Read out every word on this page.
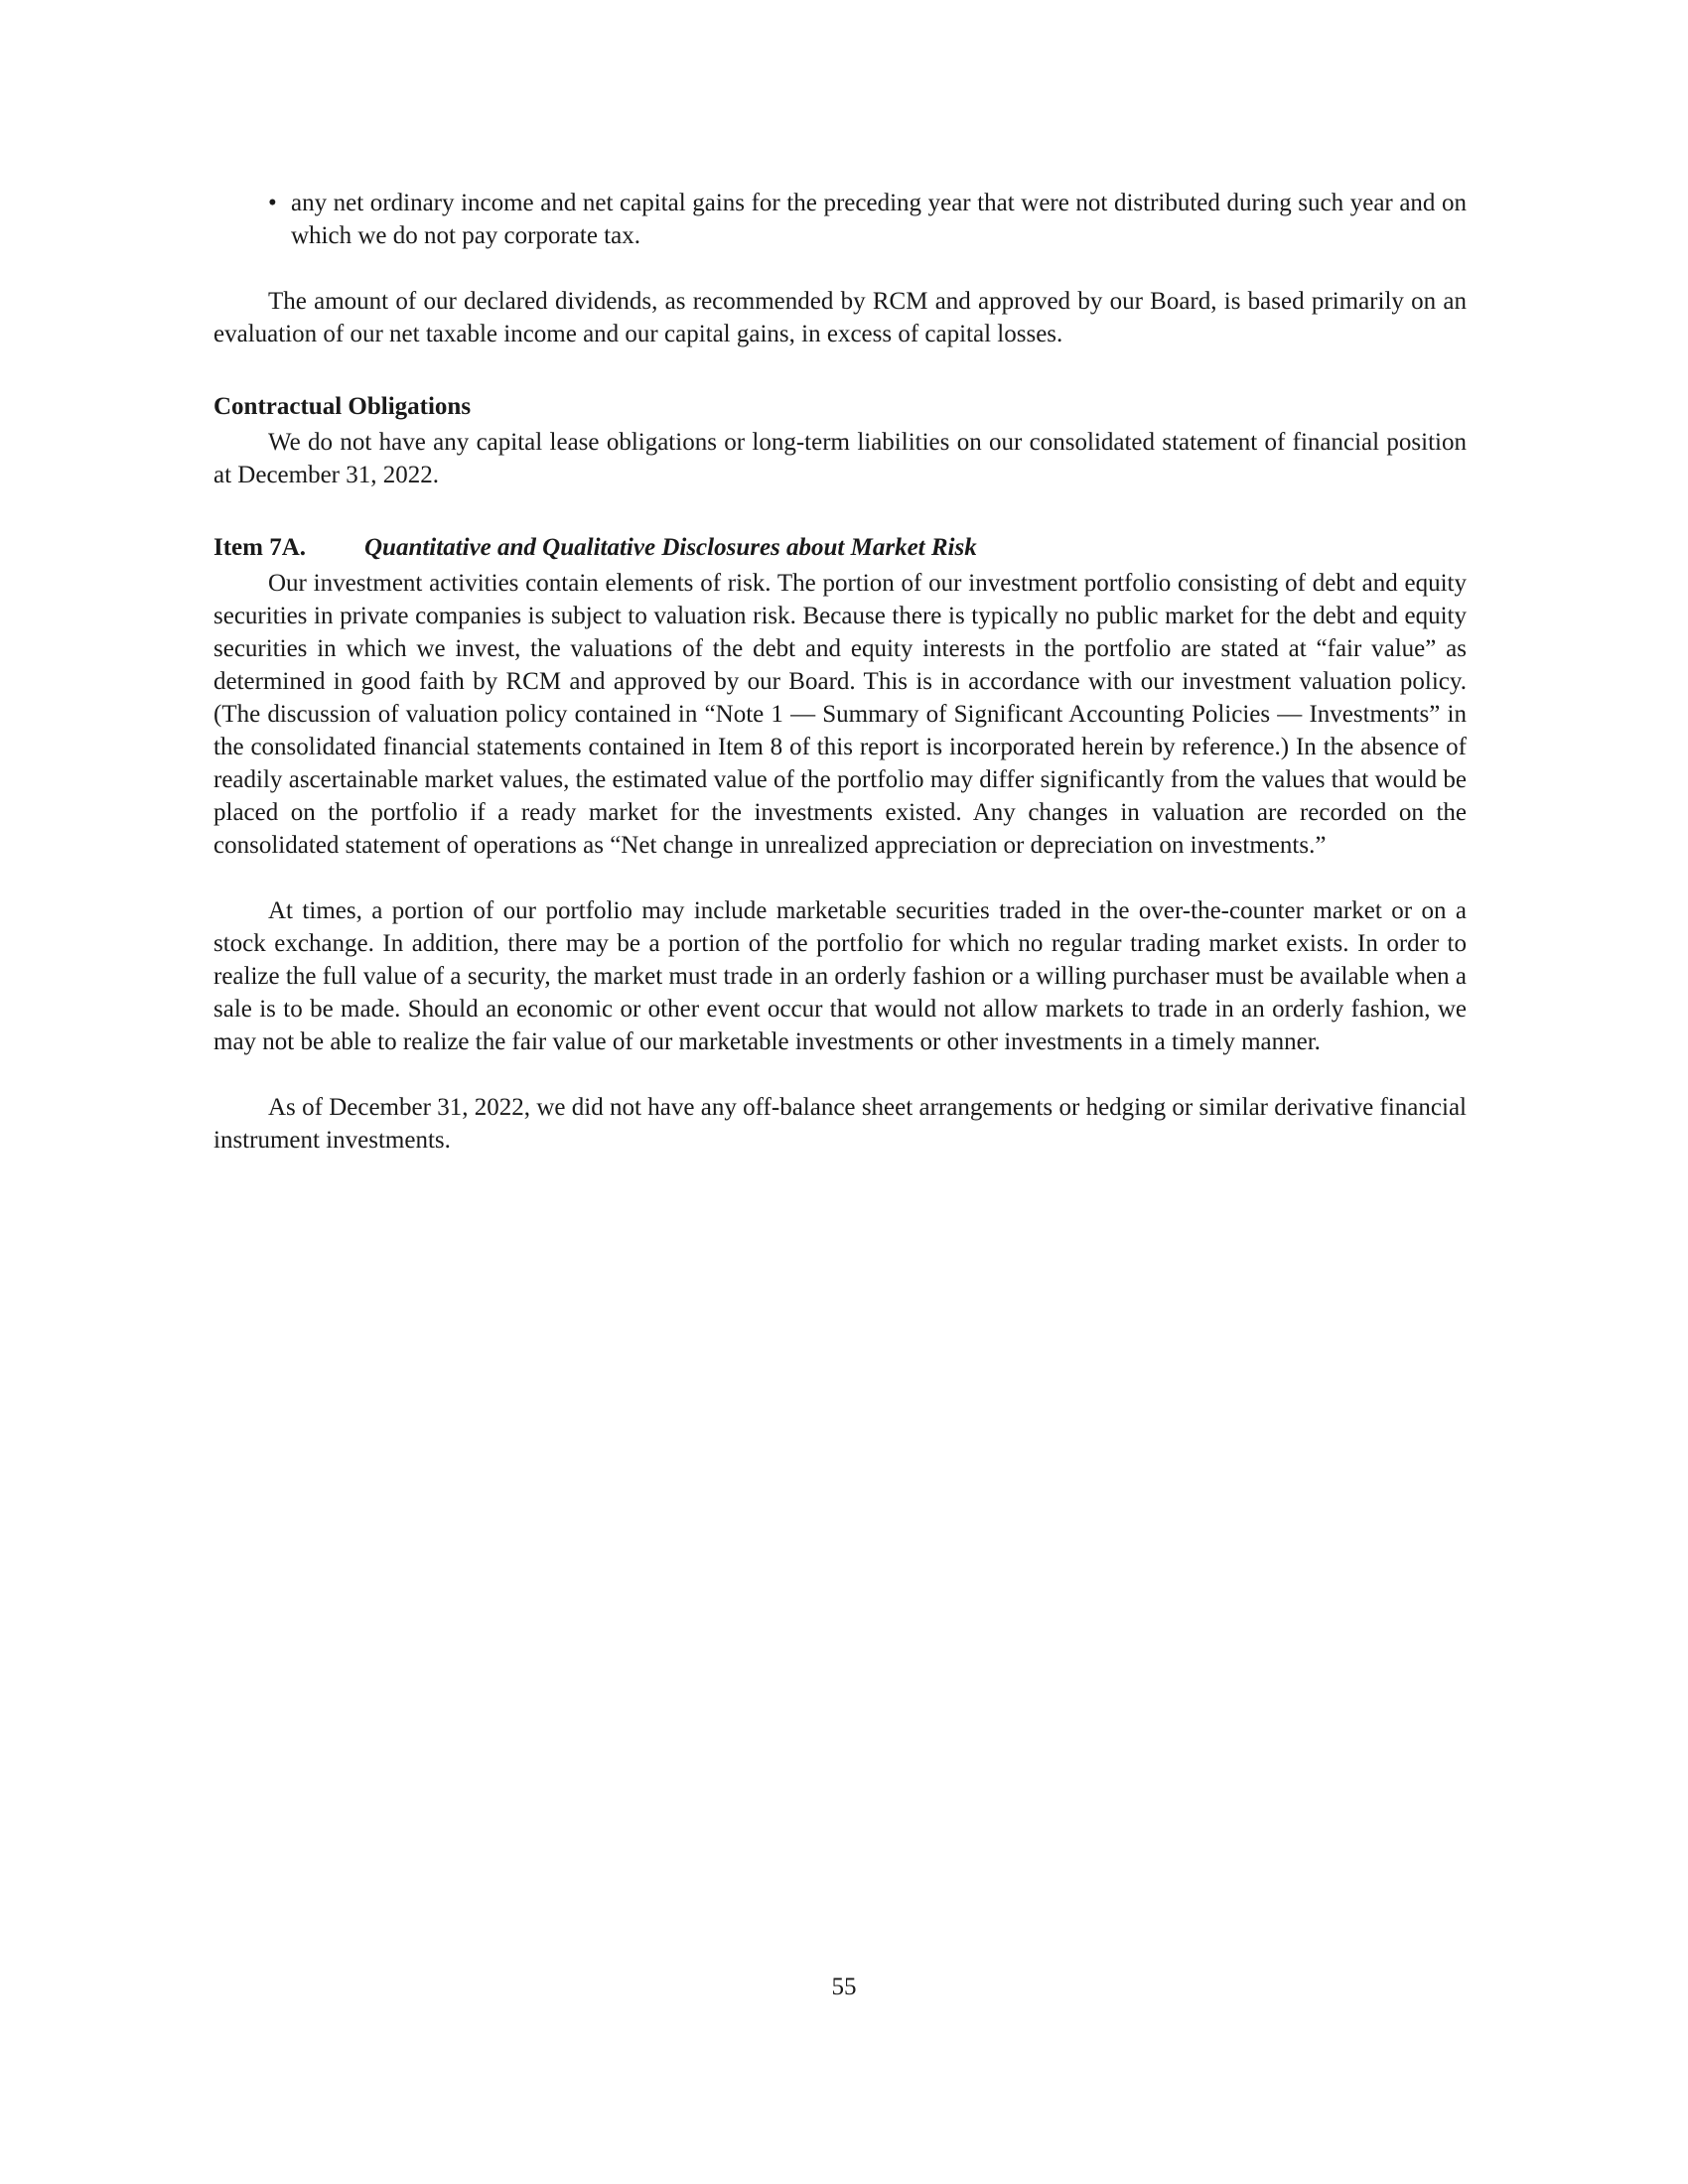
• any net ordinary income and net capital gains for the preceding year that were not distributed during such year and on which we do not pay corporate tax.

The amount of our declared dividends, as recommended by RCM and approved by our Board, is based primarily on an evaluation of our net taxable income and our capital gains, in excess of capital losses.

Contractual Obligations

We do not have any capital lease obligations or long-term liabilities on our consolidated statement of financial position at December 31, 2022.

Item 7A.	Quantitative and Qualitative Disclosures about Market Risk

Our investment activities contain elements of risk. The portion of our investment portfolio consisting of debt and equity securities in private companies is subject to valuation risk. Because there is typically no public market for the debt and equity securities in which we invest, the valuations of the debt and equity interests in the portfolio are stated at “fair value” as determined in good faith by RCM and approved by our Board. This is in accordance with our investment valuation policy. (The discussion of valuation policy contained in “Note 1 — Summary of Significant Accounting Policies — Investments” in the consolidated financial statements contained in Item 8 of this report is incorporated herein by reference.) In the absence of readily ascertainable market values, the estimated value of the portfolio may differ significantly from the values that would be placed on the portfolio if a ready market for the investments existed. Any changes in valuation are recorded on the consolidated statement of operations as “Net change in unrealized appreciation or depreciation on investments.”

At times, a portion of our portfolio may include marketable securities traded in the over-the-counter market or on a stock exchange. In addition, there may be a portion of the portfolio for which no regular trading market exists. In order to realize the full value of a security, the market must trade in an orderly fashion or a willing purchaser must be available when a sale is to be made. Should an economic or other event occur that would not allow markets to trade in an orderly fashion, we may not be able to realize the fair value of our marketable investments or other investments in a timely manner.

As of December 31, 2022, we did not have any off-balance sheet arrangements or hedging or similar derivative financial instrument investments.

55
